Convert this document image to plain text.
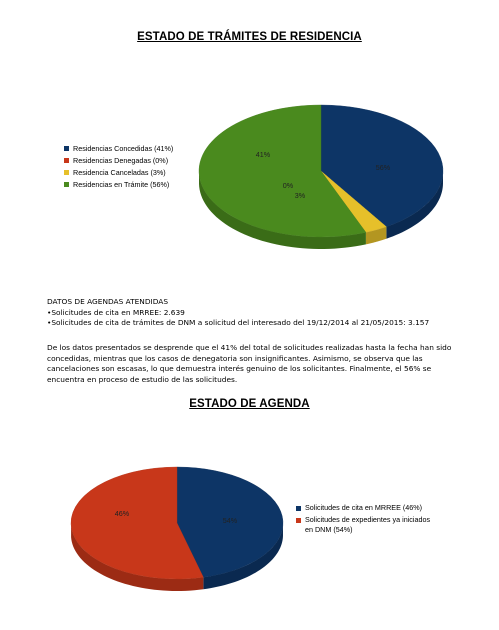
ESTADO DE TRÁMITES DE RESIDENCIA
41%
0%
3%
56%
46%
54%
Residencias Concedidas (41%)
Residencias Denegadas (0%)
Residencia Canceladas (3%)
Residencias en Trámite (56%)
DATOS DE AGENDAS ATENDIDAS
•Solicitudes de cita en MRREE: 2.639
•Solicitudes de cita de trámites de DNM a solicitud del interesado del 19/12/2014 al 21/05/2015: 3.157
De los datos presentados se desprende que el 41% del total de solicitudes realizadas hasta la fecha han sido concedidas, mientras que los casos de denegatoria son insignificantes. Asimismo, se observa que las cancelaciones son escasas, lo que demuestra interés genuino de los solicitantes. Finalmente, el 56% se encuentra en proceso de estudio de las solicitudes.
ESTADO DE AGENDA
Solicitudes de cita en MRREE (46%)
Solicitudes de expedientes ya iniciados en DNM (54%)
